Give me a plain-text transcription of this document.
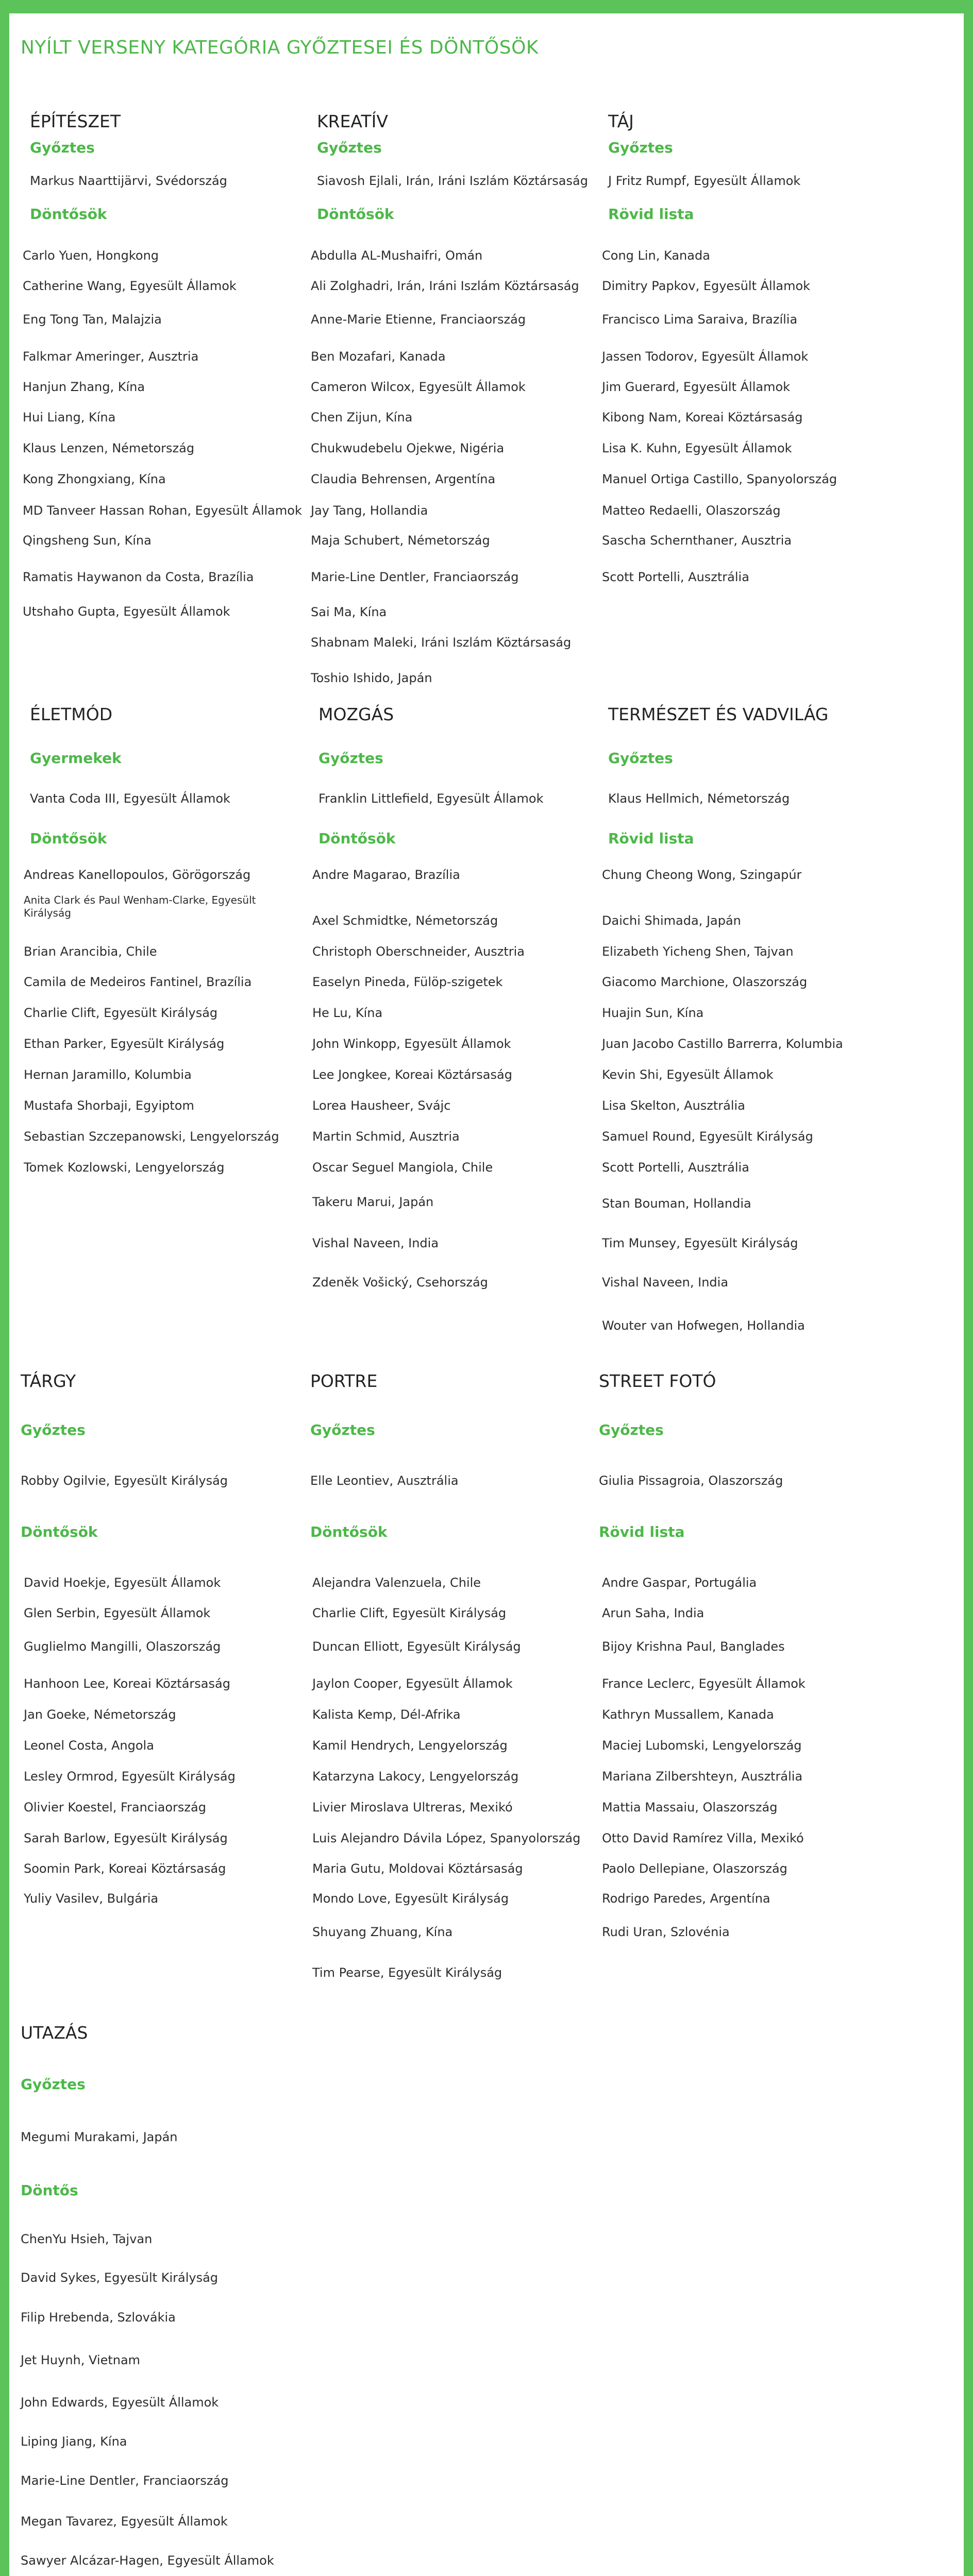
NYÍLT VERSENY KATEGÓRIA GYŐZTESEI ÉS DÖNTŐSÖK
ÉPÍTÉSZET
Győztes
Markus Naarttijärvi, Svédország
Döntősök
Carlo Yuen, Hongkong
Catherine Wang, Egyesült Államok
Eng Tong Tan, Malajzia
Falkmar Ameringer, Ausztria
Hanjun Zhang, Kína
Hui Liang, Kína
Klaus Lenzen, Németország
Kong Zhongxiang, Kína
MD Tanveer Hassan Rohan, Egyesült Államok
Qingsheng Sun, Kína
Ramatis Haywanon da Costa, Brazília
Utshaho Gupta, Egyesült Államok
KREATÍV
Győztes
Siavosh Ejlali, Irán, Iráni Iszlám Köztársaság
Döntősök
Abdulla AL-Mushaifri, Omán
Ali Zolghadri, Irán, Iráni Iszlám Köztársaság
Anne-Marie Etienne, Franciaország
Ben Mozafari, Kanada
Cameron Wilcox, Egyesült Államok
Chen Zijun, Kína
Chukwudebelu Ojekwe, Nigéria
Claudia Behrensen, Argentína
Jay Tang, Hollandia
Maja Schubert, Németország
Marie-Line Dentler, Franciaország
Sai Ma, Kína
Shabnam Maleki, Iráni Iszlám Köztársaság
Toshio Ishido, Japán
TÁJ
Győztes
J Fritz Rumpf, Egyesült Államok
Rövid lista
Cong Lin, Kanada
Dimitry Papkov, Egyesült Államok
Francisco Lima Saraiva, Brazília
Jassen Todorov, Egyesült Államok
Jim Guerard, Egyesült Államok
Kibong Nam, Koreai Köztársaság
Lisa K. Kuhn, Egyesült Államok
Manuel Ortiga Castillo, Spanyolország
Matteo Redaelli, Olaszország
Sascha Schernthaner, Ausztria
Scott Portelli, Ausztrália
ÉLETMÓD
Gyermekek
Vanta Coda III, Egyesült Államok
Döntősök
Andreas Kanellopoulos, Görögország
Anita Clark és Paul Wenham-Clarke, Egyesült Királyság
Brian Arancibia, Chile
Camila de Medeiros Fantinel, Brazília
Charlie Clift, Egyesült Királyság
Ethan Parker, Egyesült Királyság
Hernan Jaramillo, Kolumbia
Mustafa Shorbaji, Egyiptom
Sebastian Szczepanowski, Lengyelország
Tomek Kozlowski, Lengyelország
MOZGÁS
Győztes
Franklin Littlefield, Egyesült Államok
Döntősök
Andre Magarao, Brazília
Axel Schmidtke, Németország
Christoph Oberschneider, Ausztria
Easelyn Pineda, Fülöp-szigetek
He Lu, Kína
John Winkopp, Egyesült Államok
Lee Jongkee, Koreai Köztársaság
Lorea Hausheer, Svájc
Martin Schmid, Ausztria
Oscar Seguel Mangiola, Chile
Takeru Marui, Japán
Vishal Naveen, India
Zdeněk Vošický, Csehország
TERMÉSZET ÉS VADVILÁG
Győztes
Klaus Hellmich, Németország
Rövid lista
Chung Cheong Wong, Szingapúr
Daichi Shimada, Japán
Elizabeth Yicheng Shen, Tajvan
Giacomo Marchione, Olaszország
Huajin Sun, Kína
Juan Jacobo Castillo Barrerra, Kolumbia
Kevin Shi, Egyesült Államok
Lisa Skelton, Ausztrália
Samuel Round, Egyesült Királyság
Scott Portelli, Ausztrália
Stan Bouman, Hollandia
Tim Munsey, Egyesült Királyság
Vishal Naveen, India
Wouter van Hofwegen, Hollandia
TÁRGY
Győztes
Robby Ogilvie, Egyesült Királyság
Döntősök
David Hoekje, Egyesült Államok
Glen Serbin, Egyesült Államok
Guglielmo Mangilli, Olaszország
Hanhoon Lee, Koreai Köztársaság
Jan Goeke, Németország
Leonel Costa, Angola
Lesley Ormrod, Egyesült Királyság
Olivier Koestel, Franciaország
Sarah Barlow, Egyesült Királyság
Soomin Park, Koreai Köztársaság
Yuliy Vasilev, Bulgária
PORTRE
Győztes
Elle Leontiev, Ausztrália
Döntősök
Alejandra Valenzuela, Chile
Charlie Clift, Egyesült Királyság
Duncan Elliott, Egyesült Királyság
Jaylon Cooper, Egyesült Államok
Kalista Kemp, Dél-Afrika
Kamil Hendrych, Lengyelország
Katarzyna Lakocy, Lengyelország
Livier Miroslava Ultreras, Mexikó
Luis Alejandro Dávila López, Spanyolország
Maria Gutu, Moldovai Köztársaság
Mondo Love, Egyesült Királyság
Shuyang Zhuang, Kína
Tim Pearse, Egyesült Királyság
STREET FOTÓ
Győztes
Giulia Pissagroia, Olaszország
Rövid lista
Andre Gaspar, Portugália
Arun Saha, India
Bijoy Krishna Paul, Banglades
France Leclerc, Egyesült Államok
Kathryn Mussallem, Kanada
Maciej Lubomski, Lengyelország
Mariana Zilbershteyn, Ausztrália
Mattia Massaiu, Olaszország
Otto David Ramírez Villa, Mexikó
Paolo Dellepiane, Olaszország
Rodrigo Paredes, Argentína
Rudi Uran, Szlovénia
UTAZÁS
Győztes
Megumi Murakami, Japán
Döntős
ChenYu Hsieh, Tajvan
David Sykes, Egyesült Királyság
Filip Hrebenda, Szlovákia
Jet Huynh, Vietnam
John Edwards, Egyesült Államok
Liping Jiang, Kína
Marie-Line Dentler, Franciaország
Megan Tavarez, Egyesült Államok
Sawyer Alcázar-Hagen, Egyesült Államok
